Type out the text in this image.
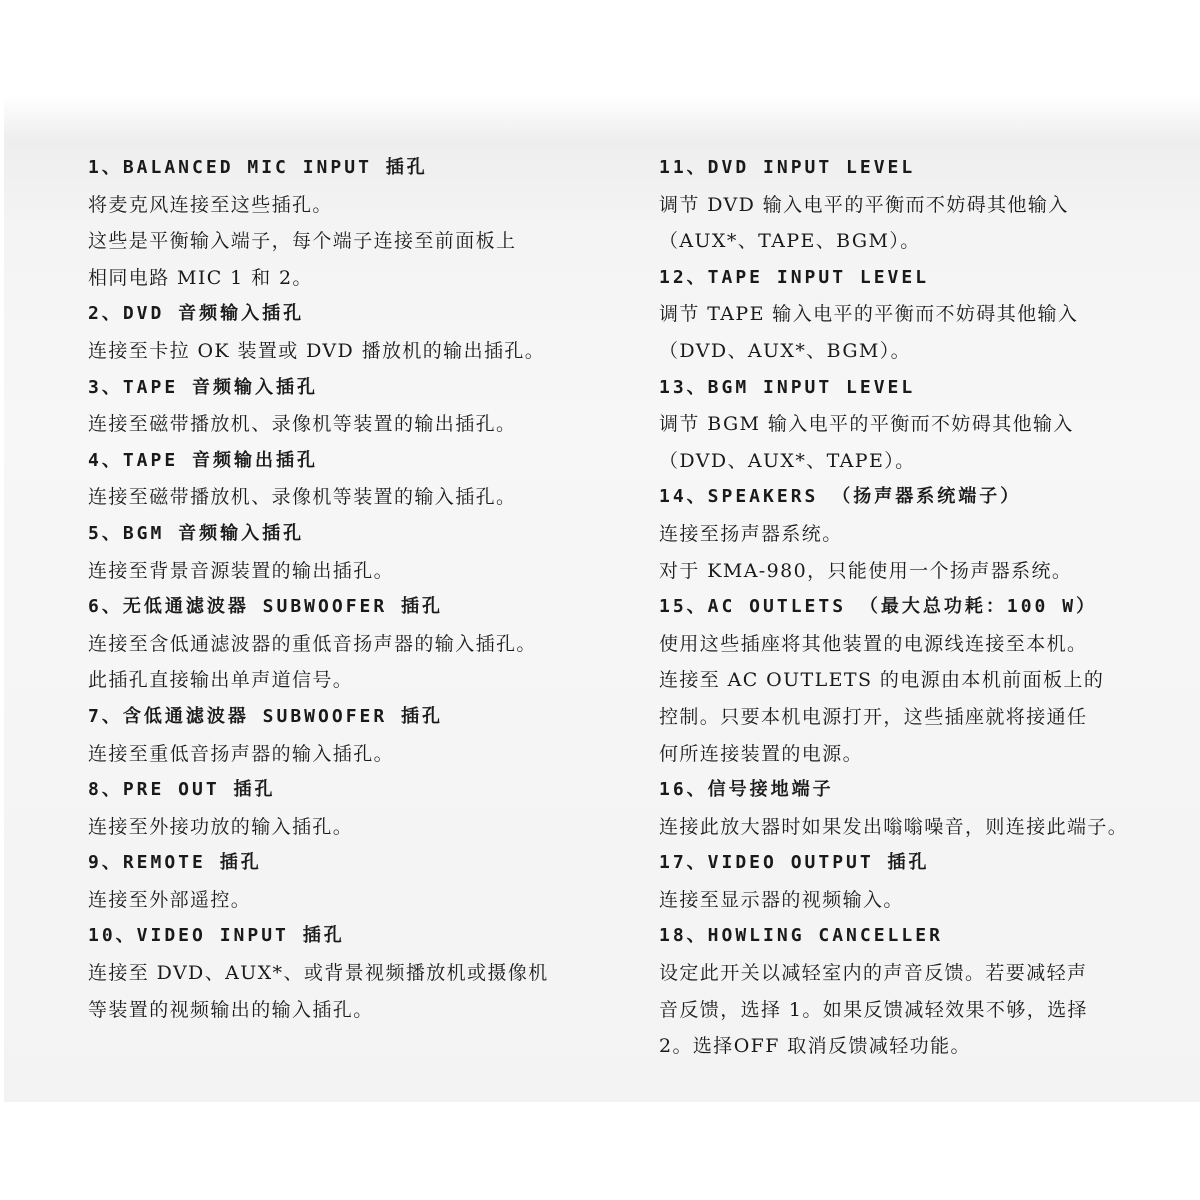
1、BALANCED MIC INPUT 插孔
将麦克风连接至这些插孔。
这些是平衡输入端子，每个端子连接至前面板上
相同电路 MIC 1 和 2。
2、DVD 音频输入插孔
连接至卡拉 OK 装置或 DVD 播放机的输出插孔。
3、TAPE 音频输入插孔
连接至磁带播放机、录像机等装置的输出插孔。
4、TAPE 音频输出插孔
连接至磁带播放机、录像机等装置的输入插孔。
5、BGM 音频输入插孔
连接至背景音源装置的输出插孔。
6、无低通滤波器 SUBWOOFER 插孔
连接至含低通滤波器的重低音扬声器的输入插孔。
此插孔直接输出单声道信号。
7、含低通滤波器 SUBWOOFER 插孔
连接至重低音扬声器的输入插孔。
8、PRE OUT 插孔
连接至外接功放的输入插孔。
9、REMOTE 插孔
连接至外部遥控。
10、VIDEO INPUT 插孔
连接至 DVD、AUX*、或背景视频播放机或摄像机
等装置的视频输出的输入插孔。
11、DVD INPUT LEVEL
调节 DVD 输入电平的平衡而不妨碍其他输入
（AUX*、TAPE、BGM）。
12、TAPE INPUT LEVEL
调节 TAPE 输入电平的平衡而不妨碍其他输入
（DVD、AUX*、BGM）。
13、BGM INPUT LEVEL
调节 BGM 输入电平的平衡而不妨碍其他输入
（DVD、AUX*、TAPE）。
14、SPEAKERS （扬声器系统端子）
连接至扬声器系统。
对于 KMA-980，只能使用一个扬声器系统。
15、AC OUTLETS （最大总功耗：100 W）
使用这些插座将其他装置的电源线连接至本机。
连接至 AC OUTLETS 的电源由本机前面板上的
控制。只要本机电源打开，这些插座就将接通任
何所连接装置的电源。
16、信号接地端子
连接此放大器时如果发出嗡嗡噪音，则连接此端子。
17、VIDEO OUTPUT 插孔
连接至显示器的视频输入。
18、HOWLING CANCELLER
设定此开关以减轻室内的声音反馈。若要减轻声
音反馈，选择 1。如果反馈减轻效果不够，选择
2。选择OFF 取消反馈减轻功能。
